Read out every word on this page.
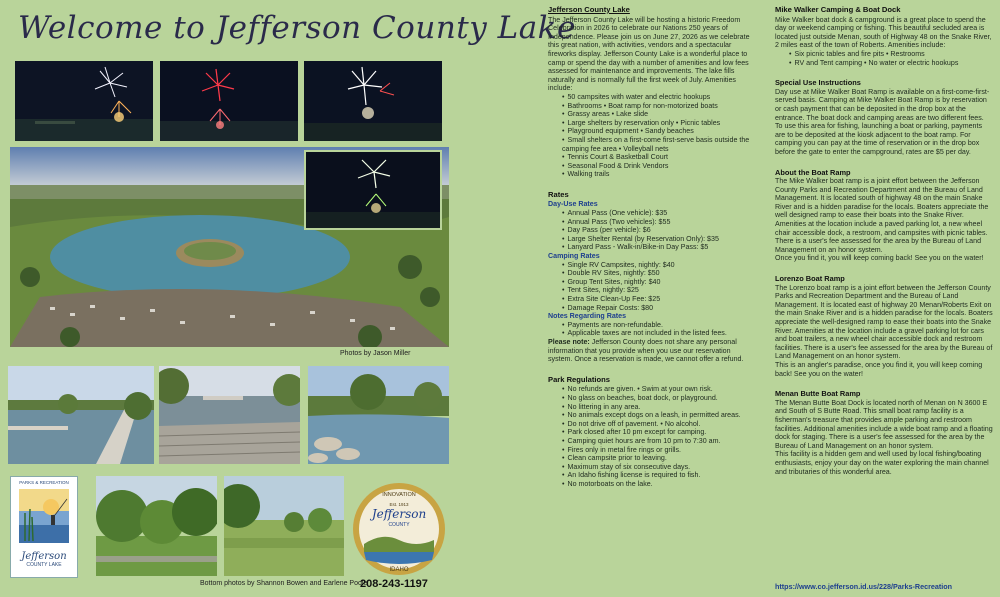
Welcome to Jefferson County Lake
Photos by Jason Miller
PARKS & RECREATION
Jefferson
COUNTY LAKE
Bottom photos by Shannon Bowen and Earlene Poole
INNOVATION
Est. 1913
Jefferson
COUNTY
IDAHO
208-243-1197
Jefferson County Lake

The Jefferson County Lake will be hosting a historic Freedom Celebration in 2026 to celebrate our Nations 250 years of Independence. Please join us on June 27, 2026 as we celebrate this great nation, with activities, vendors and a spectacular fireworks display. Jefferson County Lake is a wonderful place to camp or spend the day with a number of amenities and low fees assessed for maintenance and improvements. The lake fills naturally and is normally full the first week of July. Amenities include:

• 50 campsites with water and electric hookups
• Bathrooms • Boat ramp for non-motorized boats
• Grassy areas • Lake slide
• Large shelters by reservation only • Picnic tables
• Playground equipment • Sandy beaches
• Small shelters on a first-come first-serve basis outside the camping fee area • Volleyball nets
• Tennis Court & Basketball Court
• Seasonal Food & Drink Vendors
• Walking trails
Rates
Day-Use Rates
• Annual Pass (One vehicle): $35
• Annual Pass (Two vehicles): $55
• Day Pass (per vehicle): $6
• Large Shelter Rental (by Reservation Only): $35
• Lanyard Pass - Walk-in/Bike-in Day Pass: $5
Camping Rates
• Single RV Campsites, nightly: $40
• Double RV Sites, nightly: $50
• Group Tent Sites, nightly: $40
• Tent Sites, nightly: $25
• Extra Site Clean-Up Fee: $25
• Damage Repair Costs: $80
Notes Regarding Rates
• Payments are non-refundable.
• Applicable taxes are not included in the listed fees.

Please note: Jefferson County does not share any personal information that you provide when you use our reservation system. Once a reservation is made, we cannot offer a refund.

Park Regulations
• No refunds are given. • Swim at your own risk.
• No glass on beaches, boat dock, or playground.
• No littering in any area.
• No animals except dogs on a leash, in permitted areas.
• Do not drive off of pavement. • No alcohol.
• Park closed after 10 pm except for camping.
• Camping quiet hours are from 10 pm to 7:30 am.
• Fires only in metal fire rings or grills.
• Clean campsite prior to leaving.
• Maximum stay of six consecutive days.
• An Idaho fishing license is required to fish.
• No motorboats on the lake.
Mike Walker Camping & Boat Dock

Mike Walker boat dock & campground is a great place to spend the day or weekend camping or fishing. This beautiful secluded area is located just outside Menan, south of Highway 48 on the Snake River, 2 miles east of the town of Roberts. Amenities include:

• Six picnic tables and fire pits • Restrooms
• RV and Tent camping • No water or electric hookups
Special Use Instructions

Day use at Mike Walker Boat Ramp is available on a first-come-first-served basis. Camping at Mike Walker Boat Ramp is by reservation or cash payment that can be deposited in the drop box at the entrance. The boat dock and camping areas are two different fees. To use this area for fishing, launching a boat or parking, payments are to be deposited at the kiosk adjacent to the boat ramp. For camping you can pay at the time of reservation or in the drop box before the gate to enter the campground, rates are $5 per day.

About the Boat Ramp

The Mike Walker boat ramp is a joint effort between the Jefferson County Parks and Recreation Department and the Bureau of Land Management. It is located south of highway 48 on the main Snake River and is a hidden paradise for the locals. Boaters appreciate the well designed ramp to ease their boats into the Snake River. Amenities at the location include a paved parking lot, a new wheel chair accessible dock, a restroom, and campsites with picnic tables. There is a user's fee assessed for the area by the Bureau of Land Management on an honor system.

Once you find it, you will keep coming back! See you on the water!

Lorenzo Boat Ramp

The Lorenzo boat ramp is a joint effort between the Jefferson County Parks and Recreation Department and the Bureau of Land Management. It is located east of highway 20 Menan/Roberts Exit on the main Snake River and is a hidden paradise for the locals. Boaters appreciate the well-designed ramp to ease their boats into the Snake River. Amenities at the location include a gravel parking lot for cars and boat trailers, a new wheel chair accessible dock and restroom facilities. There is a user's fee assessed for the area by the Bureau of Land Management on an honor system.

This is an angler's paradise, once you find it, you will keep coming back! See you on the water!

Menan Butte Boat Ramp

The Menan Butte Boat Dock is located north of Menan on N 3600 E and South of S Butte Road. This small boat ramp facility is a fisherman's treasure that provides ample parking and restroom facilities. Additional amenities include a wide boat ramp and a floating dock for staging. There is a user's fee assessed for the area by the Bureau of Land Management on an honor system.

This facility is a hidden gem and well used by local fishing/boating enthusiasts, enjoy your day on the water exploring the main channel and tributaries of this wonderful area.

https://www.co.jefferson.id.us/228/Parks-Recreation
